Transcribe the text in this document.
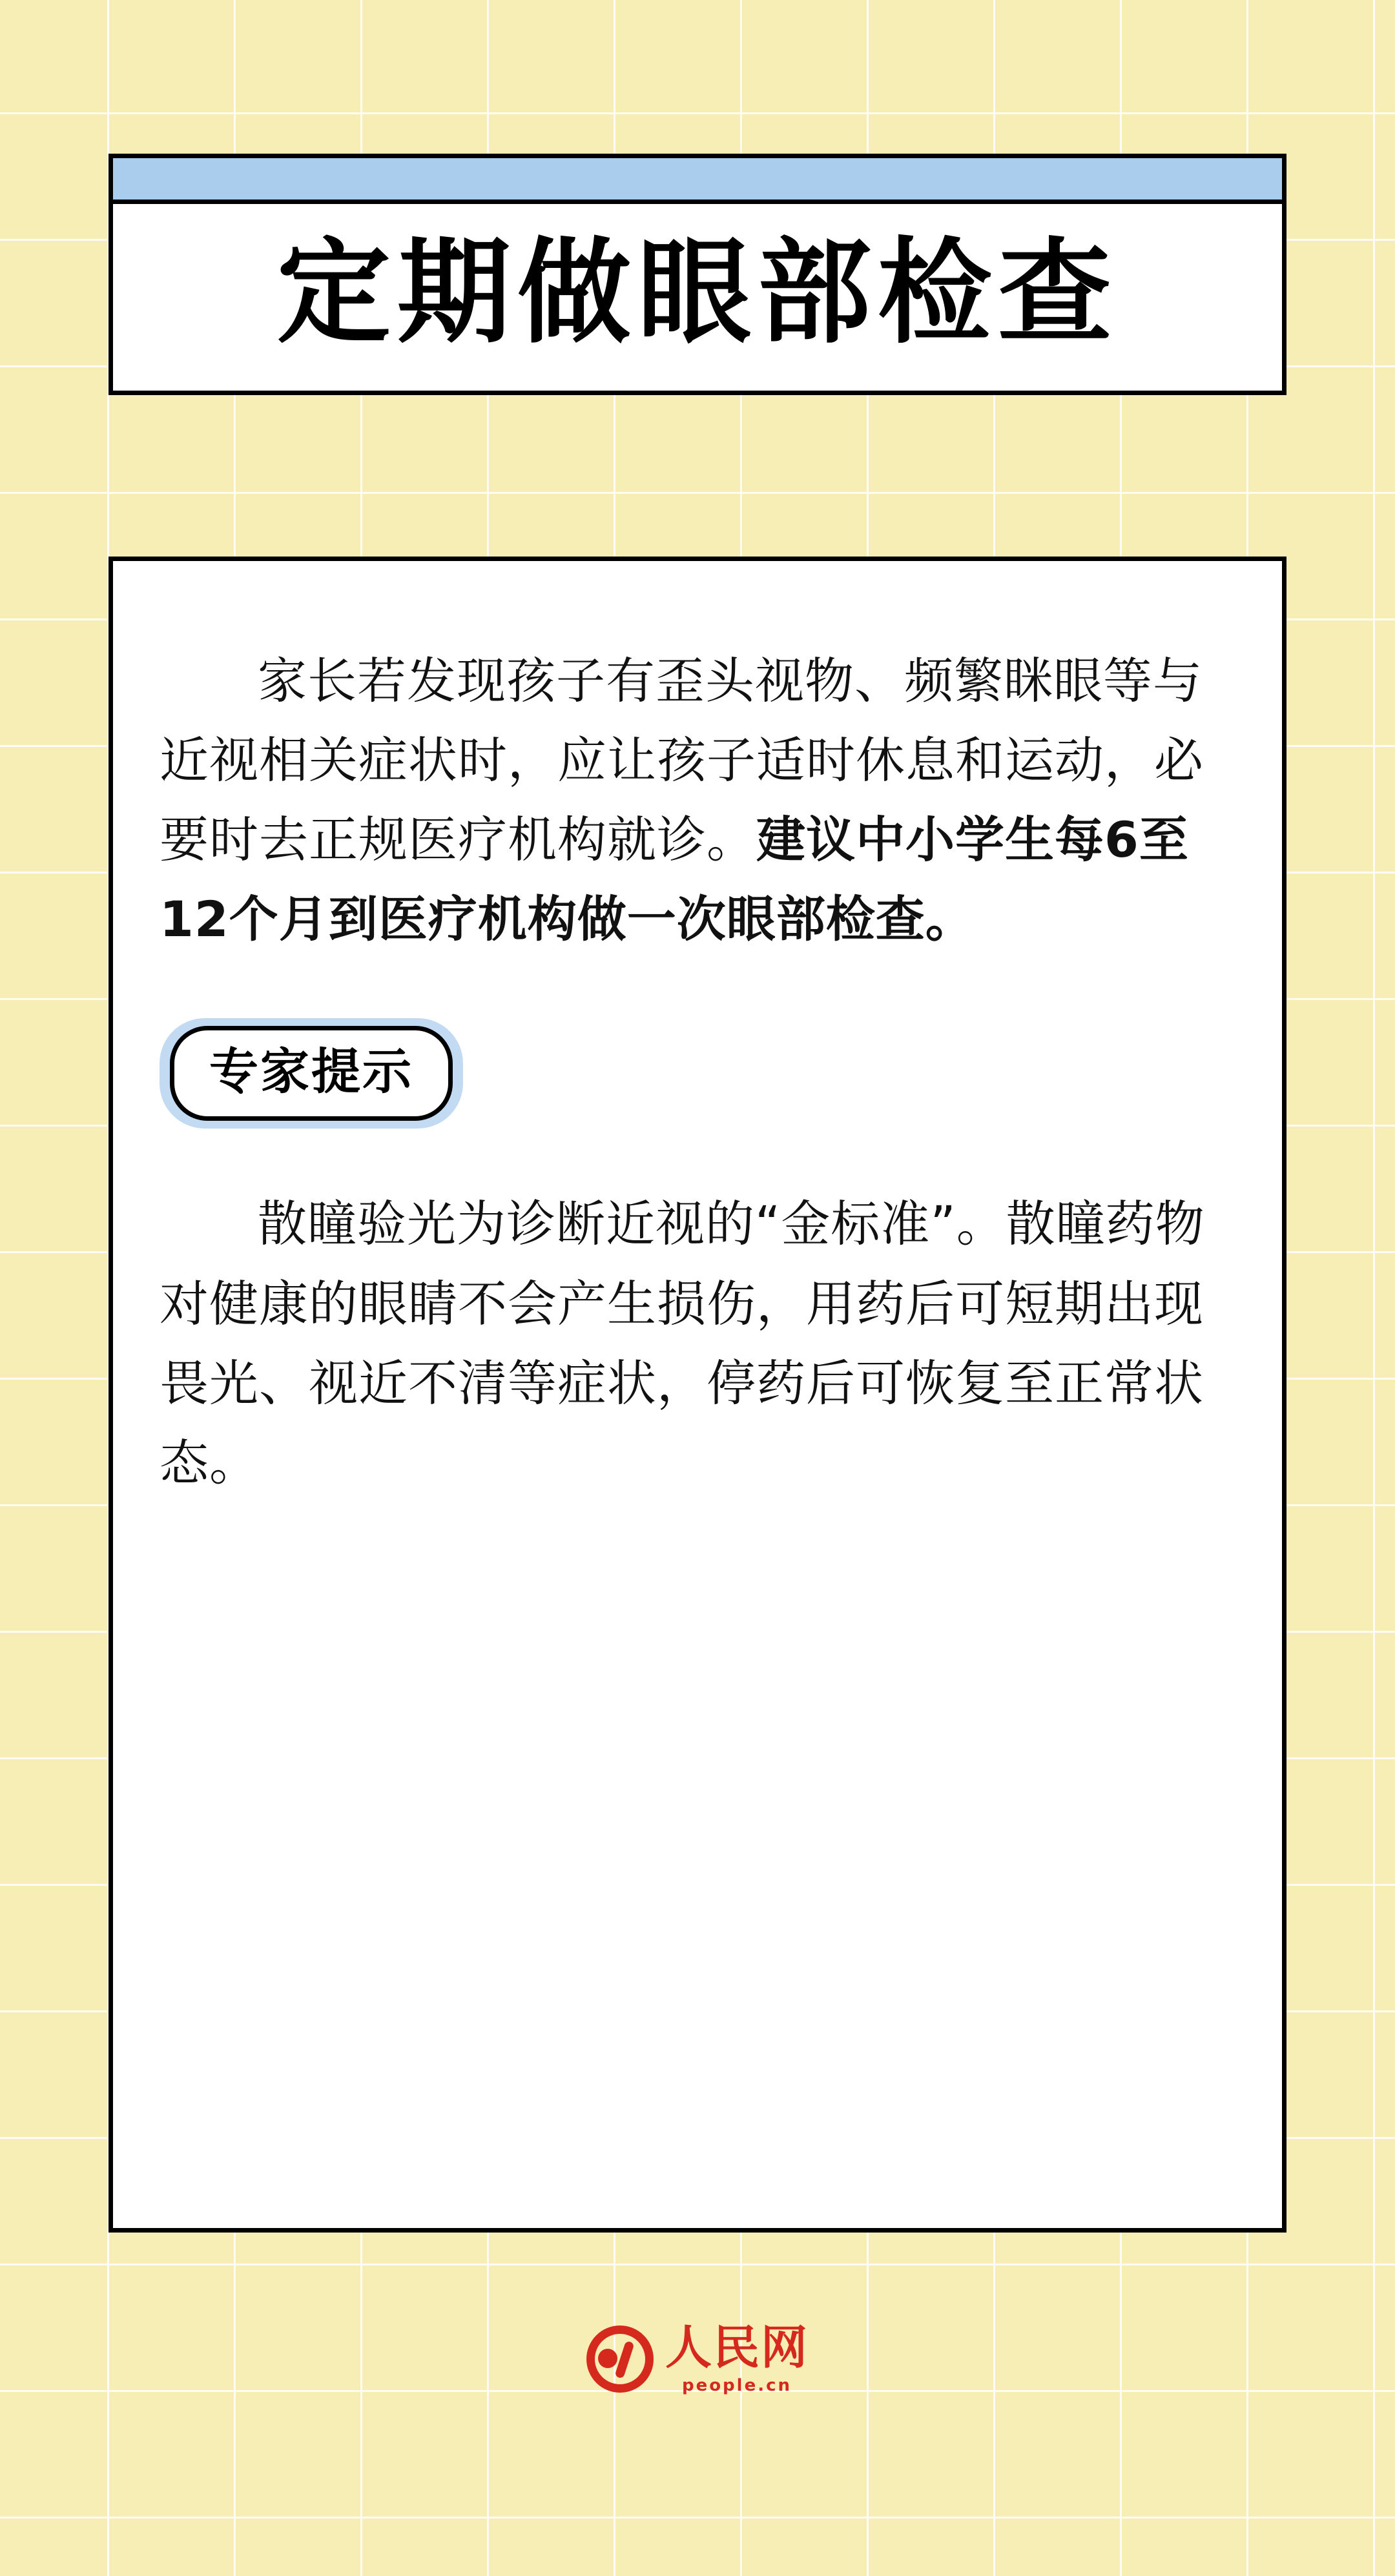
定期做眼部检查
家长若发现孩子有歪头视物、频繁眯眼等与近视相关症状时，应让孩子适时休息和运动，必要时去正规医疗机构就诊。建议中小学生每6至12个月到医疗机构做一次眼部检查。
专家提示
散瞳验光为诊断近视的“金标准”。散瞳药物对健康的眼睛不会产生损伤，用药后可短期出现畏光、视近不清等症状，停药后可恢复至正常状态。
人民网
people.cn
